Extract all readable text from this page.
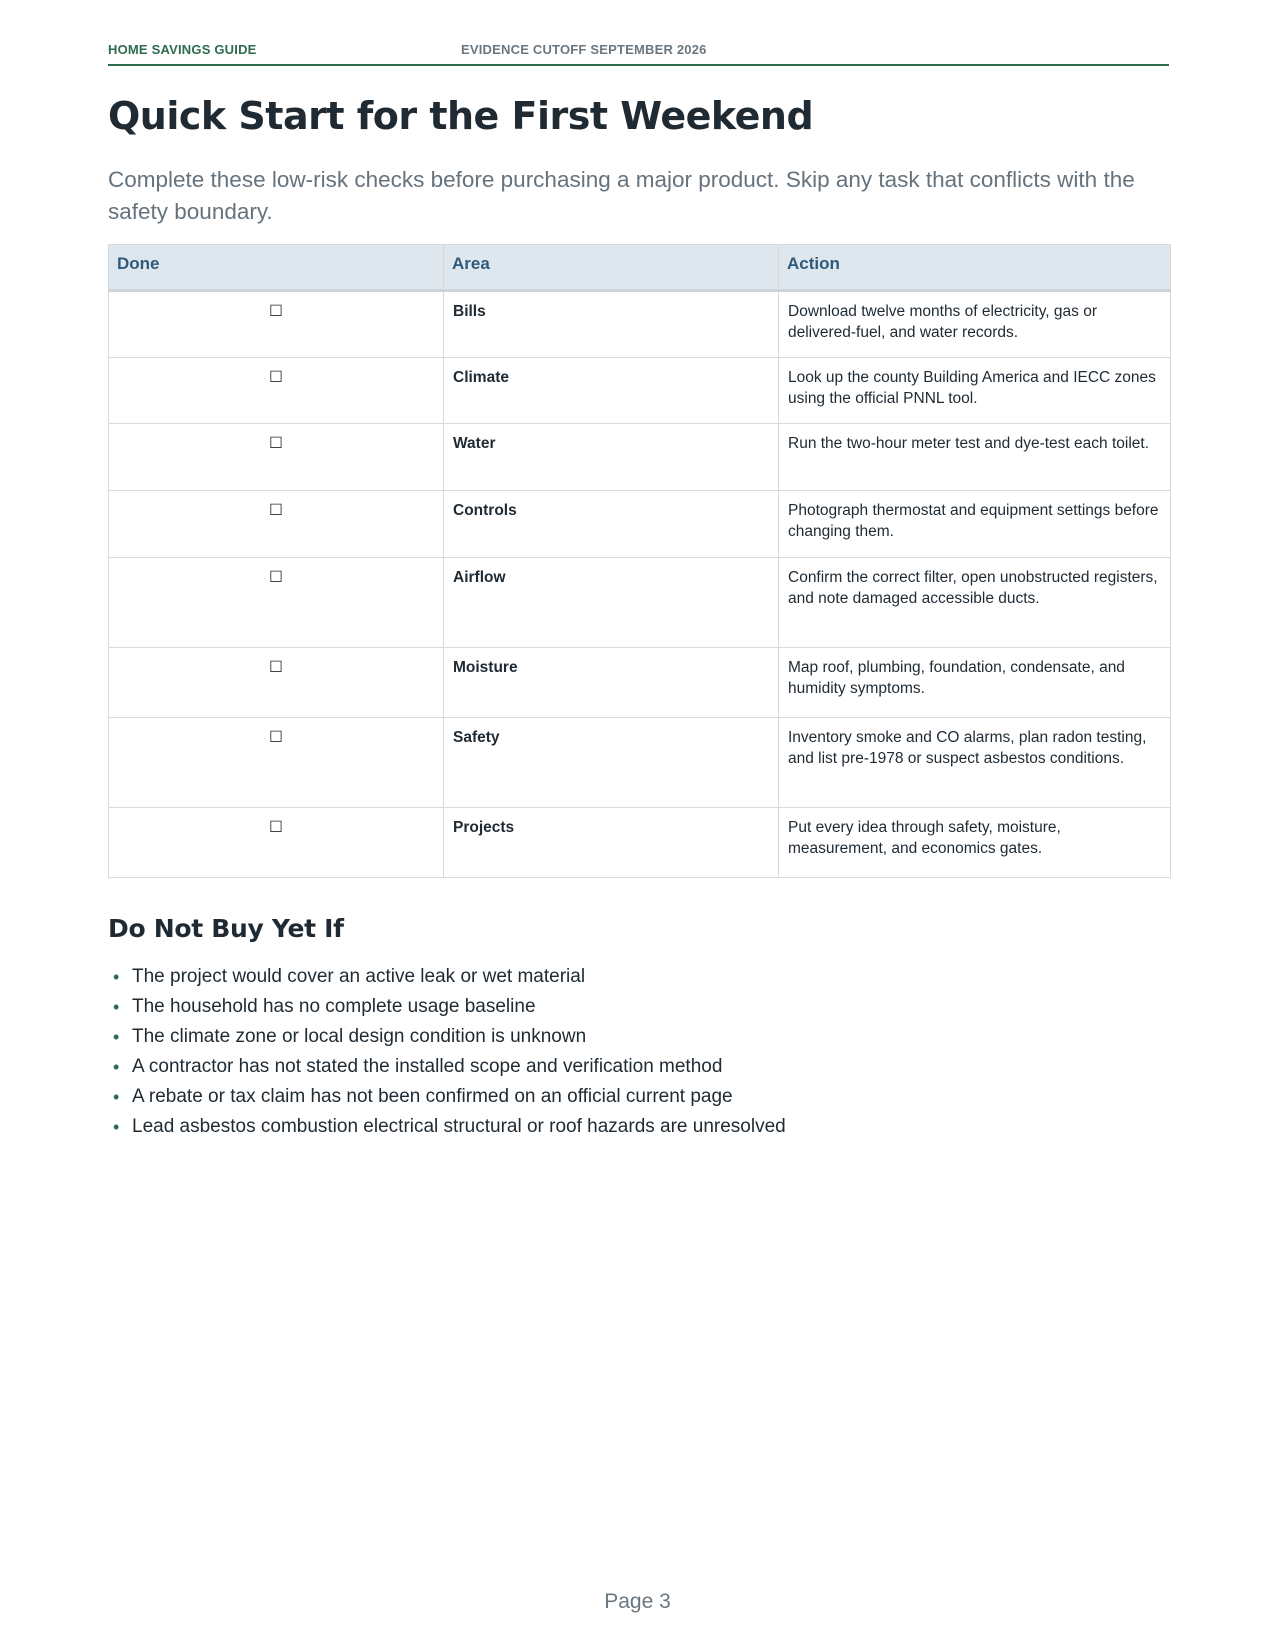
HOME SAVINGS GUIDE	EVIDENCE CUTOFF SEPTEMBER 2026
Quick Start for the First Weekend

Complete these low-risk checks before purchasing a major product. Skip any task that conflicts with the safety boundary.

Done	Area	Action
☐	Bills	Download twelve months of electricity, gas or delivered-fuel, and water records.
☐	Climate	Look up the county Building America and IECC zones using the official PNNL tool.
☐	Water	Run the two-hour meter test and dye-test each toilet.
☐	Controls	Photograph thermostat and equipment settings before changing them.
☐	Airflow	Confirm the correct filter, open unobstructed registers, and note damaged accessible ducts.
☐	Moisture	Map roof, plumbing, foundation, condensate, and humidity symptoms.
☐	Safety	Inventory smoke and CO alarms, plan radon testing, and list pre-1978 or suspect asbestos conditions.
☐	Projects	Put every idea through safety, moisture, measurement, and economics gates.
Do Not Buy Yet If
• The project would cover an active leak or wet material
• The household has no complete usage baseline
• The climate zone or local design condition is unknown
• A contractor has not stated the installed scope and verification method
• A rebate or tax claim has not been confirmed on an official current page
• Lead asbestos combustion electrical structural or roof hazards are unresolved
Page 3
